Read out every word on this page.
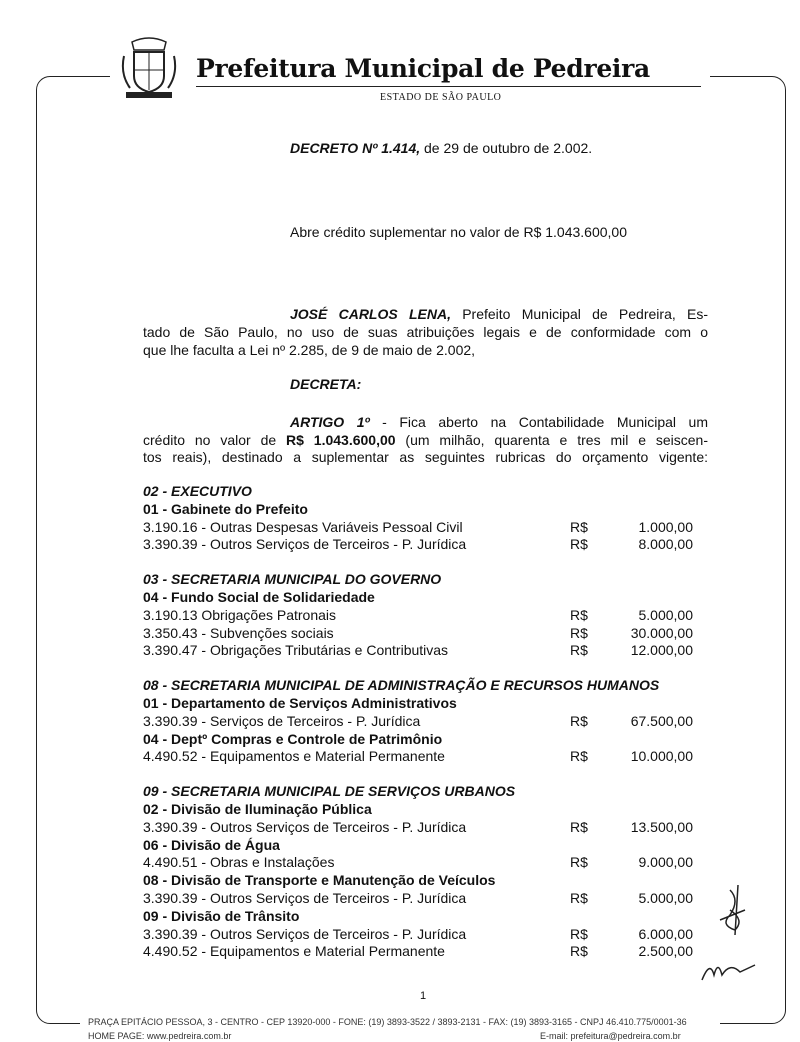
Prefeitura Municipal de Pedreira
ESTADO DE SÃO PAULO
DECRETO Nº 1.414, de 29 de outubro de 2.002.
Abre crédito suplementar no valor de R$ 1.043.600,00
JOSÉ CARLOS LENA, Prefeito Municipal de Pedreira, Es-
tado de São Paulo, no uso de suas atribuições legais e de conformidade com o
que lhe faculta a Lei nº 2.285, de 9 de maio de 2.002,
DECRETA:
ARTIGO 1º - Fica aberto na Contabilidade Municipal um
crédito no valor de R$ 1.043.600,00 (um milhão, quarenta e tres mil e seiscen-
tos reais), destinado a suplementar as seguintes rubricas do orçamento vigente:
02 - EXECUTIVO
01 - Gabinete do Prefeito
3.190.16 - Outras Despesas Variáveis Pessoal Civil	R$	1.000,00
3.390.39 - Outros Serviços de Terceiros - P. Jurídica	R$	8.000,00
03 - SECRETARIA MUNICIPAL DO GOVERNO
04 - Fundo Social de Solidariedade
3.190.13 Obrigações Patronais	R$	5.000,00
3.350.43 - Subvenções sociais	R$	30.000,00
3.390.47 - Obrigações Tributárias e Contributivas	R$	12.000,00
08 - SECRETARIA MUNICIPAL DE ADMINISTRAÇÃO E RECURSOS HUMANOS
01 - Departamento de Serviços Administrativos
3.390.39 - Serviços de Terceiros - P. Jurídica	R$	67.500,00
04 - Deptº Compras e Controle de Patrimônio
4.490.52 - Equipamentos e Material Permanente	R$	10.000,00
09 - SECRETARIA MUNICIPAL DE SERVIÇOS URBANOS
02 - Divisão de Iluminação Pública
3.390.39 - Outros Serviços de Terceiros - P. Jurídica	R$	13.500,00
06 - Divisão de Água
4.490.51 - Obras e Instalações	R$	9.000,00
08 - Divisão de Transporte e Manutenção de Veículos
3.390.39 - Outros Serviços de Terceiros - P. Jurídica	R$	5.000,00
09 - Divisão de Trânsito
3.390.39 - Outros Serviços de Terceiros - P. Jurídica	R$	6.000,00
4.490.52 - Equipamentos e Material Permanente	R$	2.500,00
1
PRAÇA EPITÁCIO PESSOA, 3 - CENTRO - CEP 13920-000 - FONE: (19) 3893-3522 / 3893-2131 - FAX: (19) 3893-3165 - CNPJ 46.410.775/0001-36
HOME PAGE: www.pedreira.com.br	E-mail: prefeitura@pedreira.com.br
